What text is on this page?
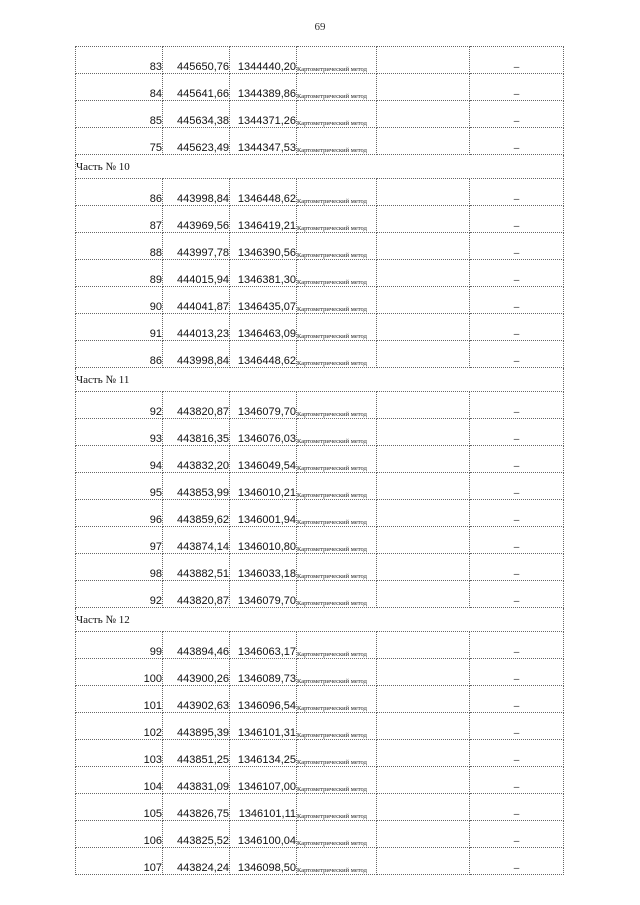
69
83	445650,76	1344440,20	Картометрический метод		–
84	445641,66	1344389,86	Картометрический метод		–
85	445634,38	1344371,26	Картометрический метод		–
75	445623,49	1344347,53	Картометрический метод		–
Часть № 10					
86	443998,84	1346448,62	Картометрический метод		–
87	443969,56	1346419,21	Картометрический метод		–
88	443997,78	1346390,56	Картометрический метод		–
89	444015,94	1346381,30	Картометрический метод		–
90	444041,87	1346435,07	Картометрический метод		–
91	444013,23	1346463,09	Картометрический метод		–
86	443998,84	1346448,62	Картометрический метод		–
Часть № 11					
92	443820,87	1346079,70	Картометрический метод		–
93	443816,35	1346076,03	Картометрический метод		–
94	443832,20	1346049,54	Картометрический метод		–
95	443853,99	1346010,21	Картометрический метод		–
96	443859,62	1346001,94	Картометрический метод		–
97	443874,14	1346010,80	Картометрический метод		–
98	443882,51	1346033,18	Картометрический метод		–
92	443820,87	1346079,70	Картометрический метод		–
Часть № 12					
99	443894,46	1346063,17	Картометрический метод		–
100	443900,26	1346089,73	Картометрический метод		–
101	443902,63	1346096,54	Картометрический метод		–
102	443895,39	1346101,31	Картометрический метод		–
103	443851,25	1346134,25	Картометрический метод		–
104	443831,09	1346107,00	Картометрический метод		–
105	443826,75	1346101,11	Картометрический метод		–
106	443825,52	1346100,04	Картометрический метод		–
107	443824,24	1346098,50	Картометрический метод		–
